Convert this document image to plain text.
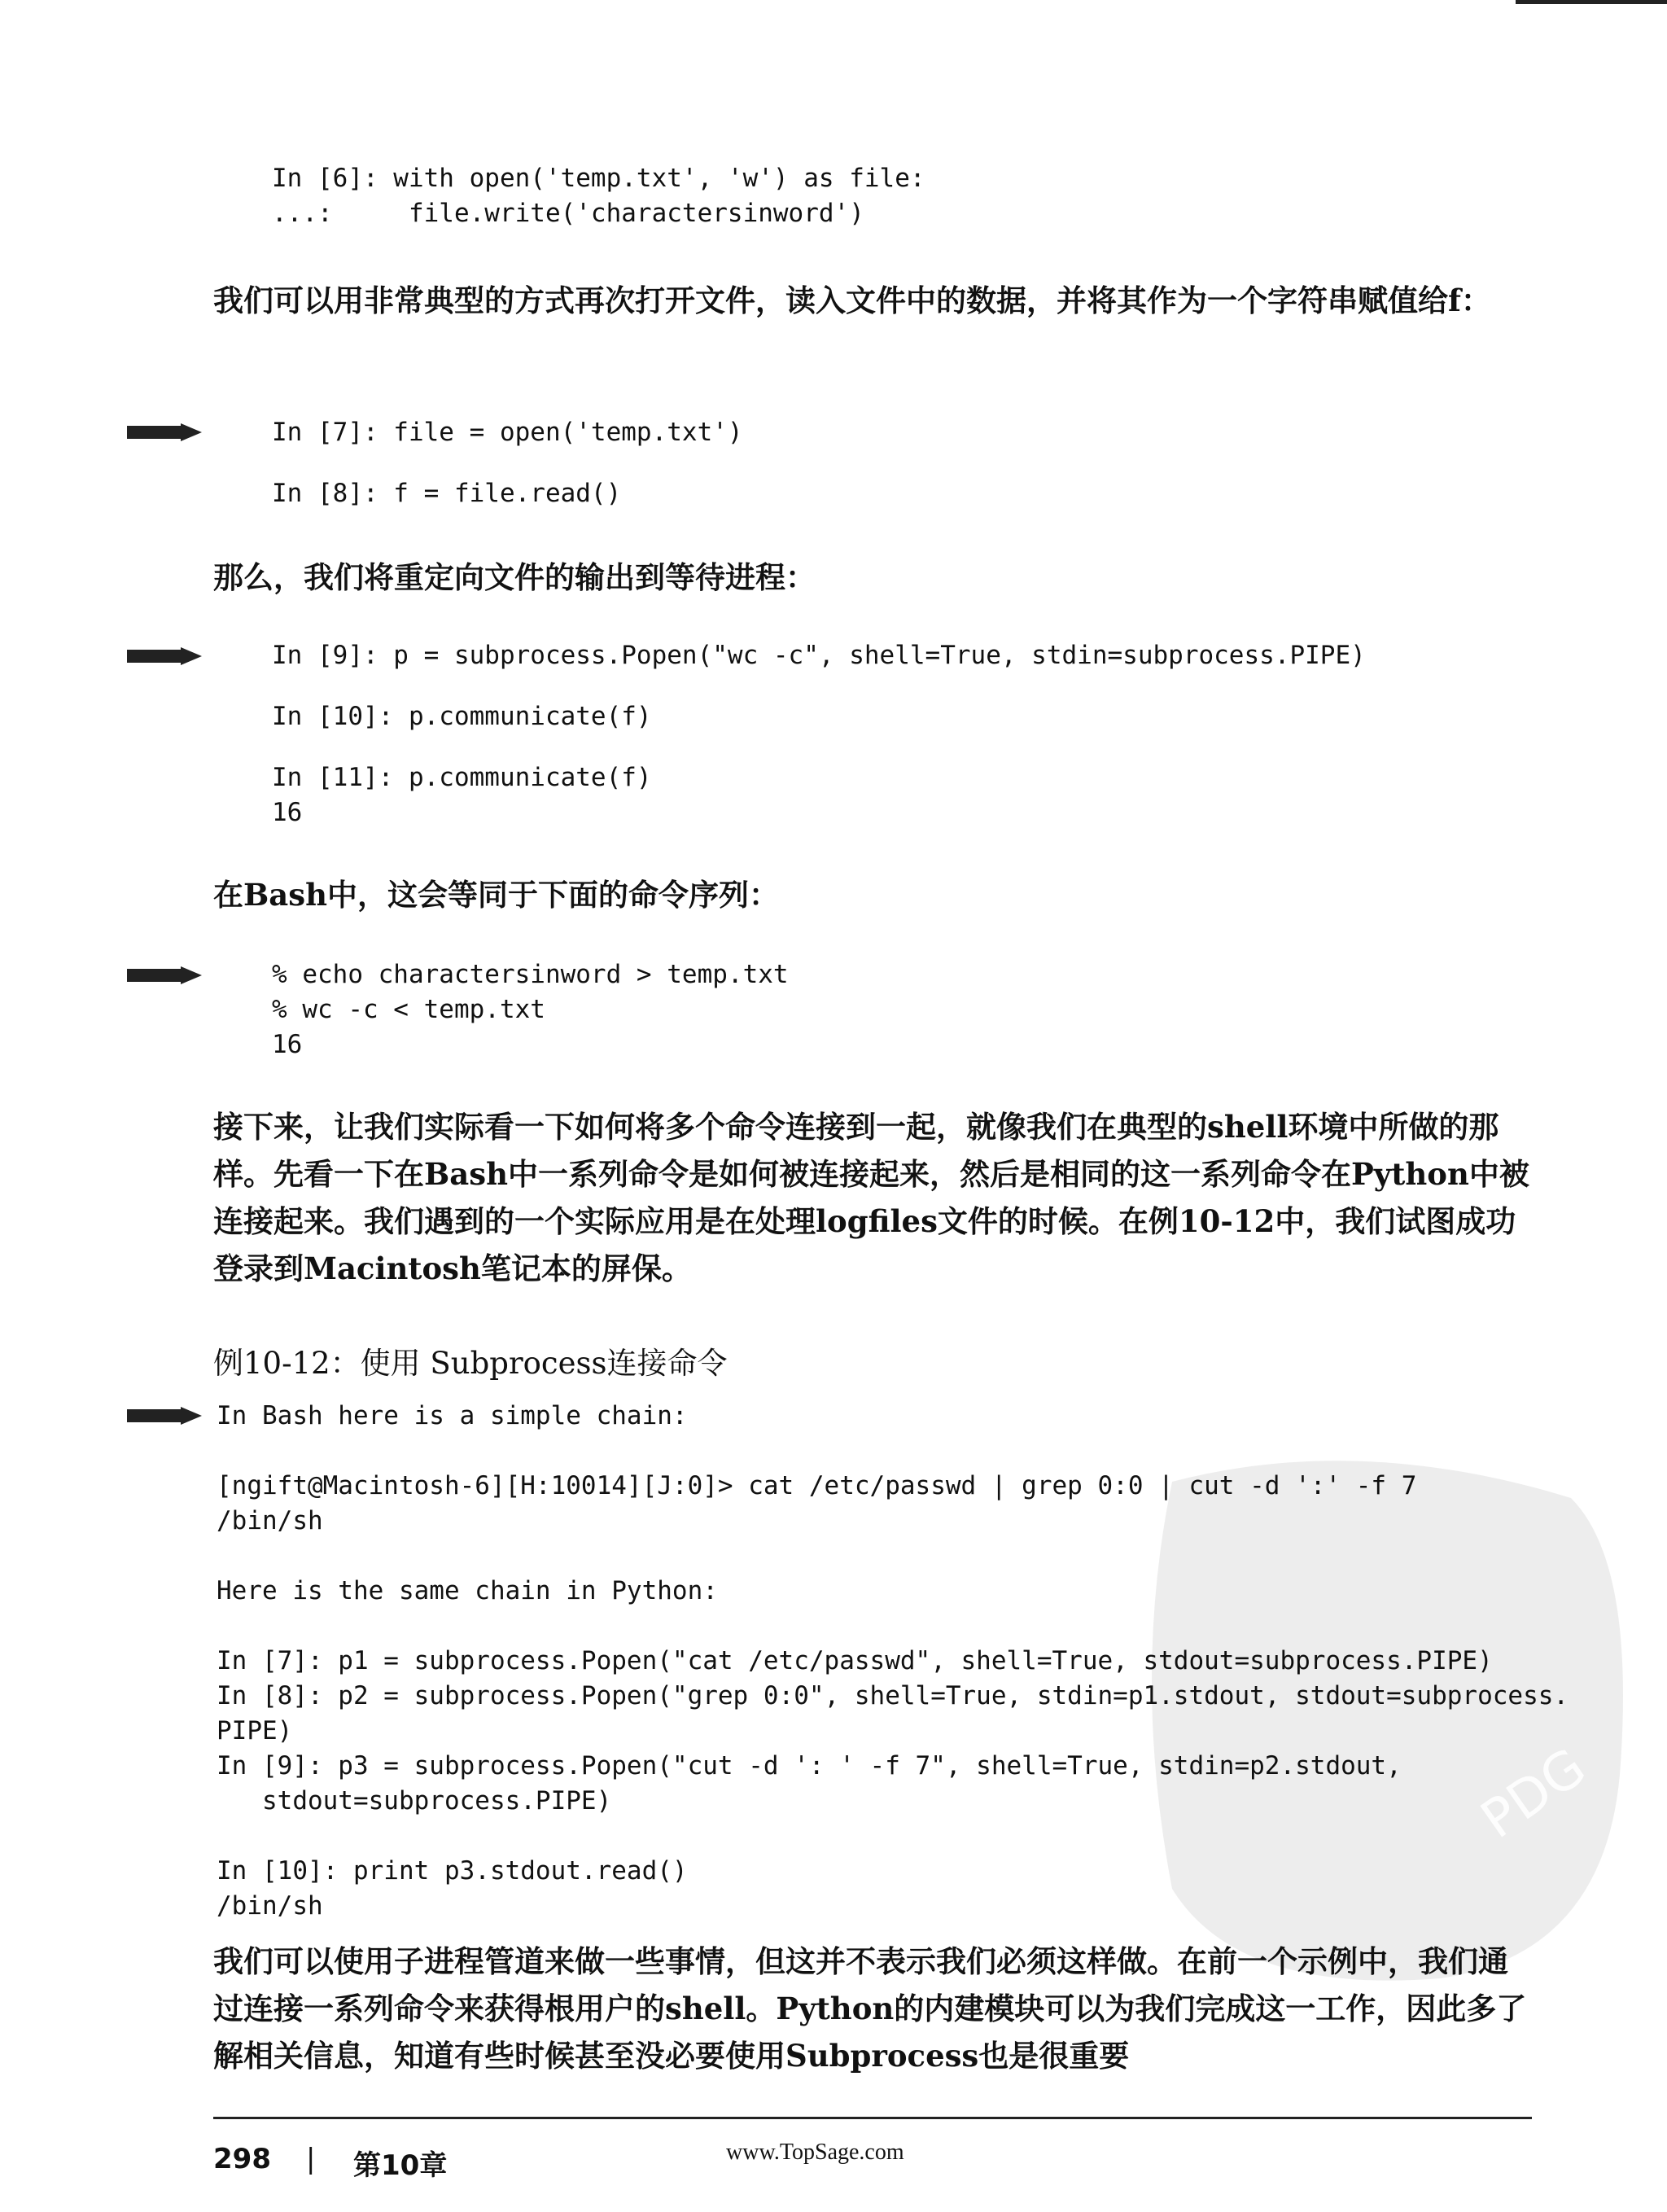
In [6]: with open('temp.txt', 'w') as file:
...:     file.write('charactersinword')

我们可以用非常典型的方式再次打开文件，读入文件中的数据，并将其作为一个字符串赋值给f：

In [7]: file = open('temp.txt')
In [8]: f = file.read()

那么，我们将重定向文件的输出到等待进程：

In [9]: p = subprocess.Popen("wc -c", shell=True, stdin=subprocess.PIPE)
In [10]: p.communicate(f)
In [11]: p.communicate(f)
16

在Bash中，这会等同于下面的命令序列：

% echo charactersinword > temp.txt
% wc -c < temp.txt
16

接下来，让我们实际看一下如何将多个命令连接到一起，就像我们在典型的shell环境中所做的那样。先看一下在Bash中一系列命令是如何被连接起来，然后是相同的这一系列命令在Python中被连接起来。我们遇到的一个实际应用是在处理logfiles文件的时候。在例10-12中，我们试图成功登录到Macintosh笔记本的屏保。

例10-12：使用 Subprocess连接命令
In Bash here is a simple chain:

[ngift@Macintosh-6][H:10014][J:0]> cat /etc/passwd | grep 0:0 | cut -d ':' -f 7
/bin/sh

Here is the same chain in Python:

In [7]: p1 = subprocess.Popen("cat /etc/passwd", shell=True, stdout=subprocess.PIPE)
In [8]: p2 = subprocess.Popen("grep 0:0", shell=True, stdin=p1.stdout, stdout=subprocess.
PIPE)
In [9]: p3 = subprocess.Popen("cut -d ': ' -f 7", shell=True, stdin=p2.stdout,
stdout=subprocess.PIPE)

In [10]: print p3.stdout.read()
/bin/sh

我们可以使用子进程管道来做一些事情，但这并不表示我们必须这样做。在前一个示例中，我们通过连接一系列命令来获得根用户的shell。Python的内建模块可以为我们完成这一工作，因此多了解相关信息，知道有些时候甚至没必要使用Subprocess也是很重要

PDG
298 | 第10章	www.TopSage.com
